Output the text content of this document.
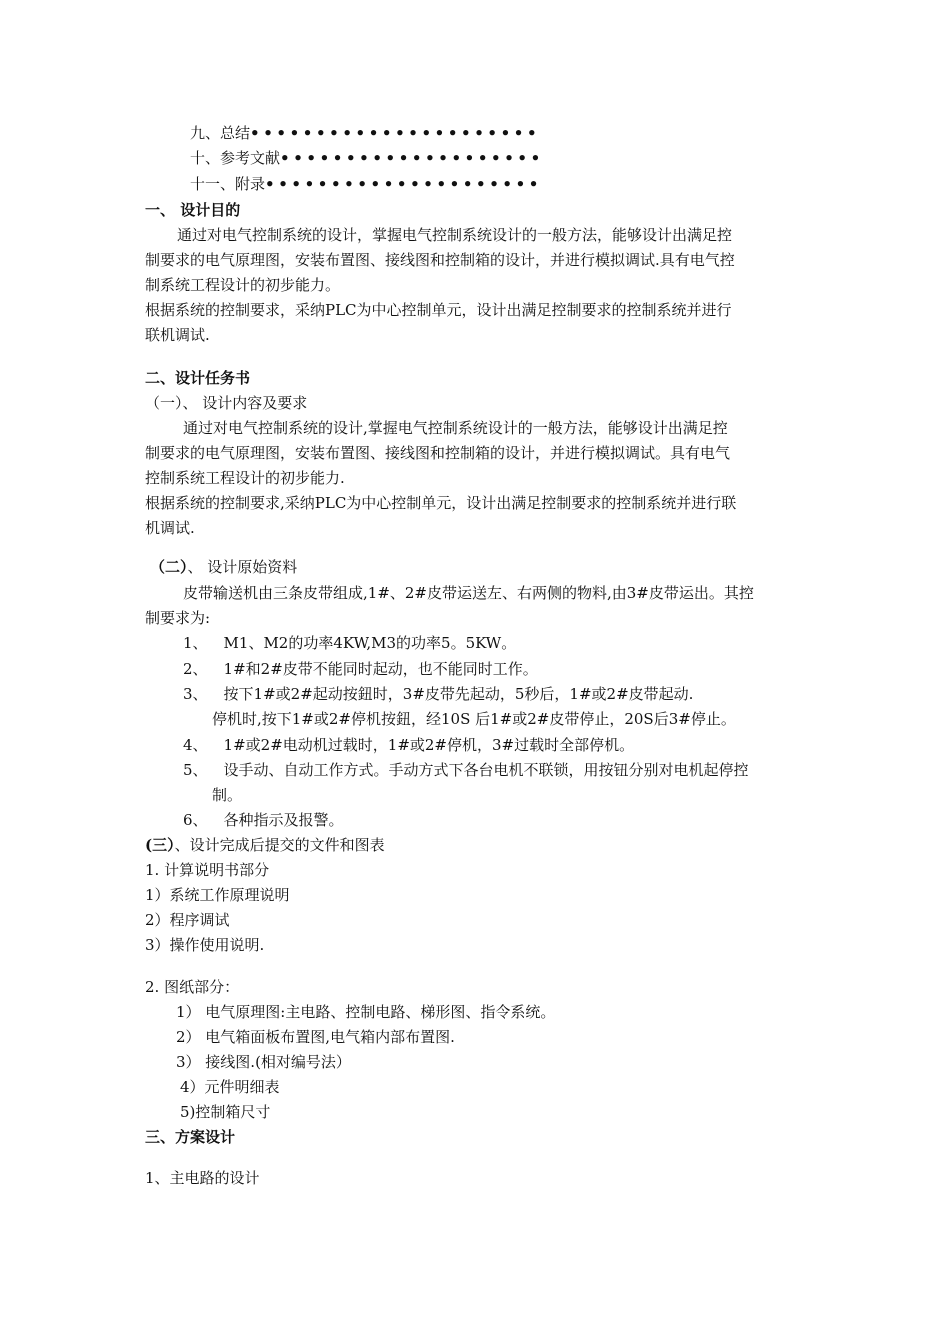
九、总结••••••••••••••••••••••
十、参考文献••••••••••••••••••••
十一、附录•••••••••••••••••••••
一、 设计目的
通过对电气控制系统的设计，掌握电气控制系统设计的一般方法，能够设计出满足控
制要求的电气原理图，安装布置图、接线图和控制箱的设计，并进行模拟调试.具有电气控
制系统工程设计的初步能力。
根据系统的控制要求，采纳PLC为中心控制单元，设计出满足控制要求的控制系统并进行
联机调试.
二、设计任务书
（一）、 设计内容及要求
通过对电气控制系统的设计,掌握电气控制系统设计的一般方法，能够设计出满足控
制要求的电气原理图，安装布置图、接线图和控制箱的设计，并进行模拟调试。具有电气
控制系统工程设计的初步能力.
根据系统的控制要求,采纳PLC为中心控制单元，设计出满足控制要求的控制系统并进行联
机调试.
（二）、 设计原始资料
皮带输送机由三条皮带组成,1#、2#皮带运送左、右两侧的物料,由3#皮带运出。其控
制要求为:
1、 M1、M2的功率4KW,M3的功率5。5KW。
2、 1#和2#皮带不能同时起动，也不能同时工作。
3、 按下1#或2#起动按鈕时，3#皮带先起动，5秒后，1#或2#皮带起动.
停机时,按下1#或2#停机按鈕，经10S 后1#或2#皮带停止，20S后3#停止。
4、 1#或2#电动机过载时，1#或2#停机，3#过载时全部停机。
5、 设手动、自动工作方式。手动方式下各台电机不联锁，用按钮分别对电机起停控
制。
6、 各种指示及报警。
(三）、设计完成后提交的文件和图表
1. 计算说明书部分
1）系统工作原理说明
2）程序调试
3）操作使用说明.
2. 图纸部分：
1） 电气原理图:主电路、控制电路、梯形图、指令系统。
2） 电气箱面板布置图,电气箱内部布置图.
3） 接线图.(相对编号法）
4）元件明细表
5)控制箱尺寸
三、方案设计
1、主电路的设计
